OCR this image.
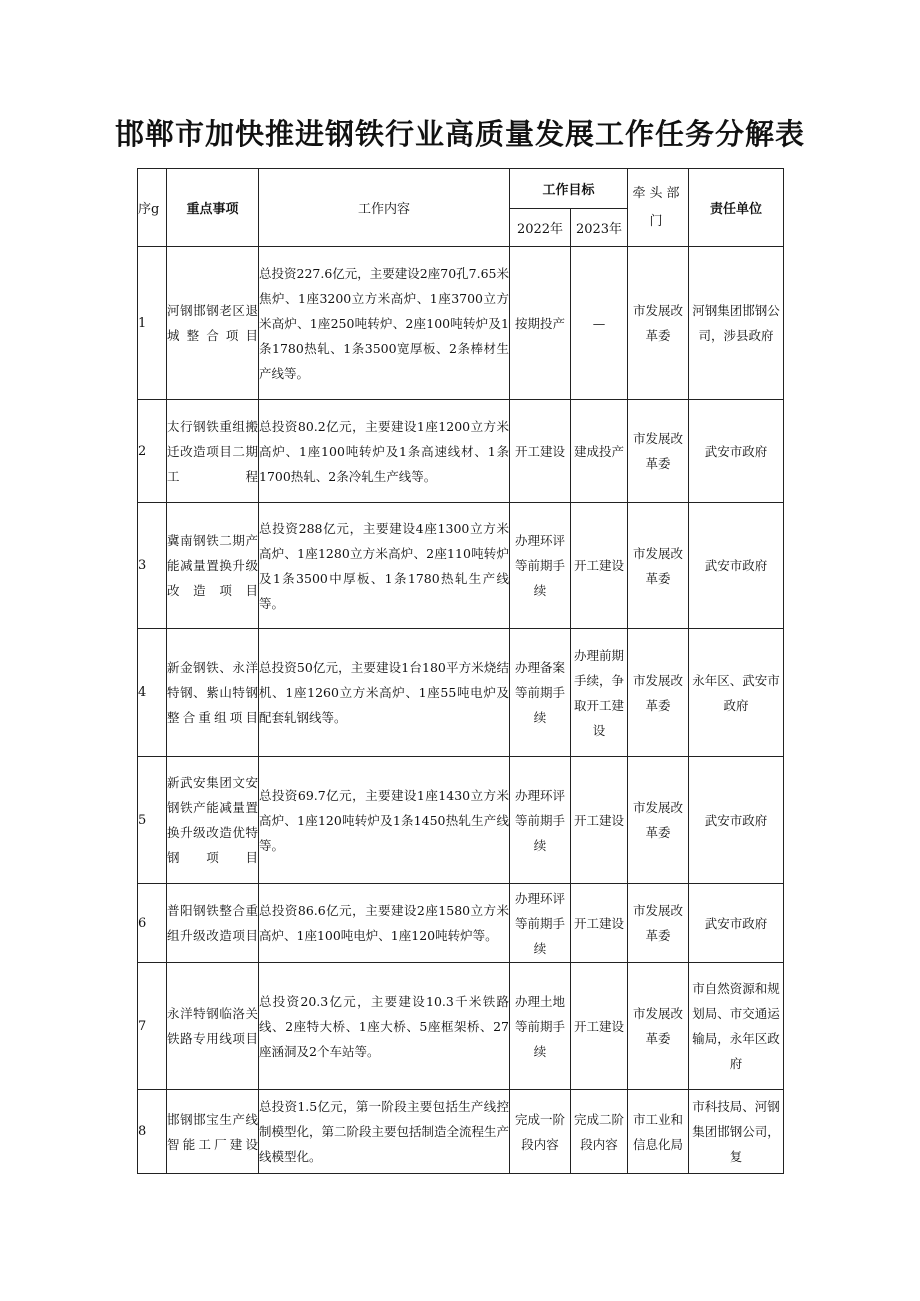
邯郸市加快推进钢铁行业高质量发展工作任务分解表
序g	重点事项	工作内容	工作目标		牵头部门	责任单位
			2022年	2023年		
1	河钢邯钢老区退城整合项目	总投资227.6亿元，主要建设2座70孔7.65米焦炉、1座3200立方米高炉、1座3700立方米高炉、1座250吨转炉、2座100吨转炉及1条1780热轧、1条3500宽厚板、2条棒材生产线等。	按期投产	—	市发展改革委	河钢集团邯钢公司，涉县政府
2	太行钢铁重组搬迁改造项目二期工程	总投资80.2亿元，主要建设1座1200立方米高炉、1座100吨转炉及1条高速线材、1条1700热轧、2条冷轧生产线等。	开工建设	建成投产	市发展改革委	武安市政府
3	冀南钢铁二期产能减量置换升级改造项目	总投资288亿元，主要建设4座1300立方米高炉、1座1280立方米高炉、2座110吨转炉及1条3500中厚板、1条1780热轧生产线等。	办理环评等前期手续	开工建设	市发展改革委	武安市政府
4	新金钢铁、永洋特钢、紫山特钢整合重组项目	总投资50亿元，主要建设1台180平方米烧结机、1座1260立方米高炉、1座55吨电炉及配套轧钢线等。	办理备案等前期手续	办理前期手续，争取开工建设	市发展改革委	永年区、武安市政府
5	新武安集团文安钢铁产能减量置换升级改造优特钢项目	总投资69.7亿元，主要建设1座1430立方米高炉、1座120吨转炉及1条1450热轧生产线等。	办理环评等前期手续	开工建设	市发展改革委	武安市政府
6	普阳钢铁整合重组升级改造项目	总投资86.6亿元，主要建设2座1580立方米高炉、1座100吨电炉、1座120吨转炉等。	办理环评等前期手续	开工建设	市发展改革委	武安市政府
7	永洋特钢临洛关铁路专用线项目	总投资20.3亿元，主要建设10.3千米铁路线、2座特大桥、1座大桥、5座框架桥、27座涵洞及2个车站等。	办理土地等前期手续	开工建设	市发展改革委	市自然资源和规划局、市交通运输局，永年区政府
8	邯钢邯宝生产线智能工厂建设	总投资1.5亿元，第一阶段主要包括生产线控制模型化，第二阶段主要包括制造全流程生产线模型化。	完成一阶段内容	完成二阶段内容	市工业和信息化局	市科技局、河钢集团邯钢公司，复
